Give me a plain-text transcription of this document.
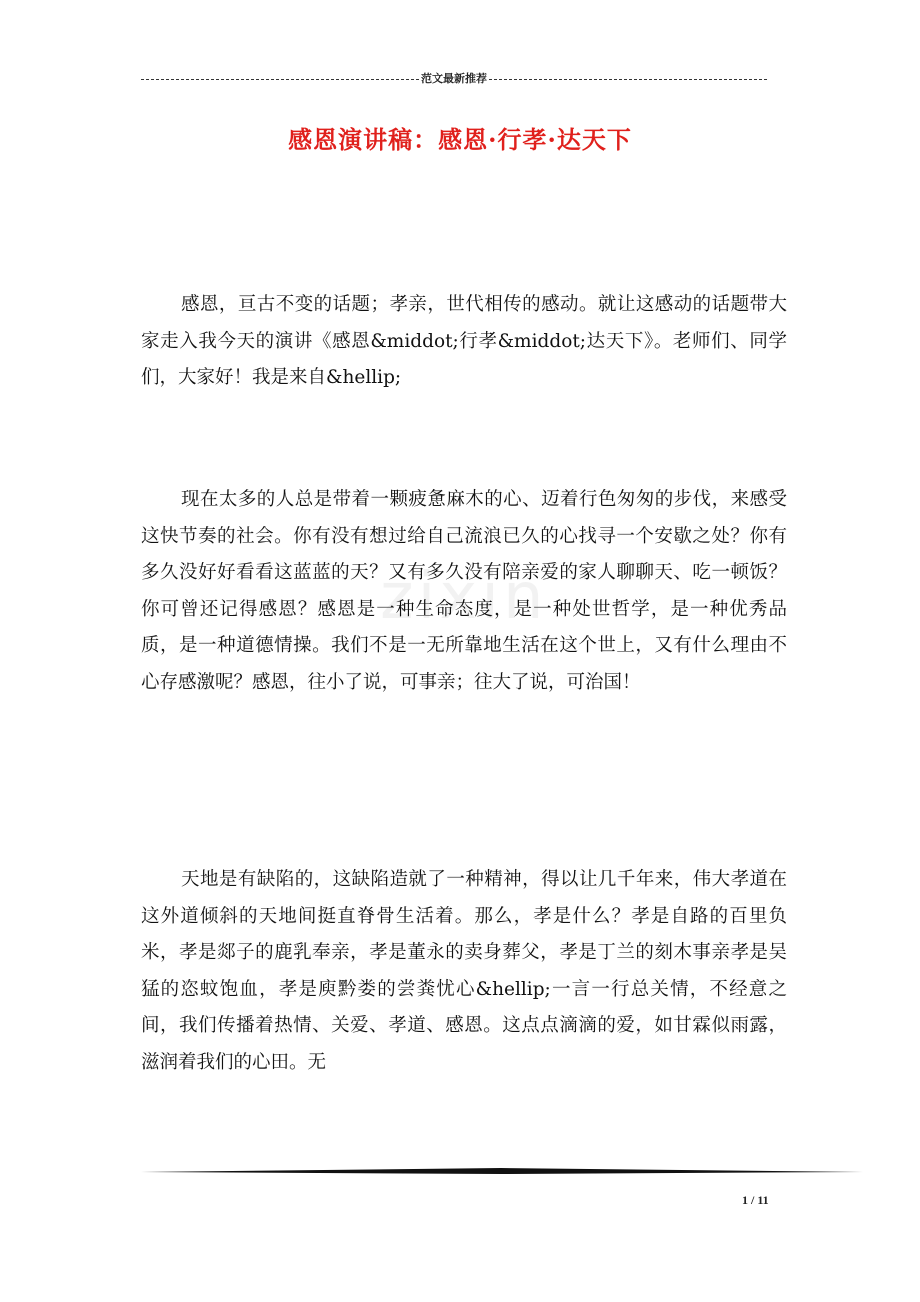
范文最新推荐
感恩演讲稿：感恩·行孝·达天下
zixin

感恩，亘古不变的话题；孝亲，世代相传的感动。就让这感动的话题带大家走入我今天的演讲《感恩&middot;行孝&middot;达天下》。老师们、同学们，大家好！我是来自&hellip;

现在太多的人总是带着一颗疲惫麻木的心、迈着行色匆匆的步伐，来感受这快节奏的社会。你有没有想过给自己流浪已久的心找寻一个安歇之处？你有多久没好好看看这蓝蓝的天？又有多久没有陪亲爱的家人聊聊天、吃一顿饭？你可曾还记得感恩？感恩是一种生命态度，是一种处世哲学，是一种优秀品质，是一种道德情操。我们不是一无所靠地生活在这个世上，又有什么理由不心存感激呢？感恩，往小了说，可事亲；往大了说，可治国！

天地是有缺陷的，这缺陷造就了一种精神，得以让几千年来，伟大孝道在这外道倾斜的天地间挺直脊骨生活着。那么，孝是什么？孝是自路的百里负米，孝是郯子的鹿乳奉亲，孝是董永的卖身葬父，孝是丁兰的刻木事亲孝是吴猛的恣蚊饱血，孝是庾黔娄的尝粪忧心&hellip;一言一行总关情，不经意之间，我们传播着热情、关爱、孝道、感恩。这点点滴滴的爱，如甘霖似雨露，滋润着我们的心田。无

1 / 11
